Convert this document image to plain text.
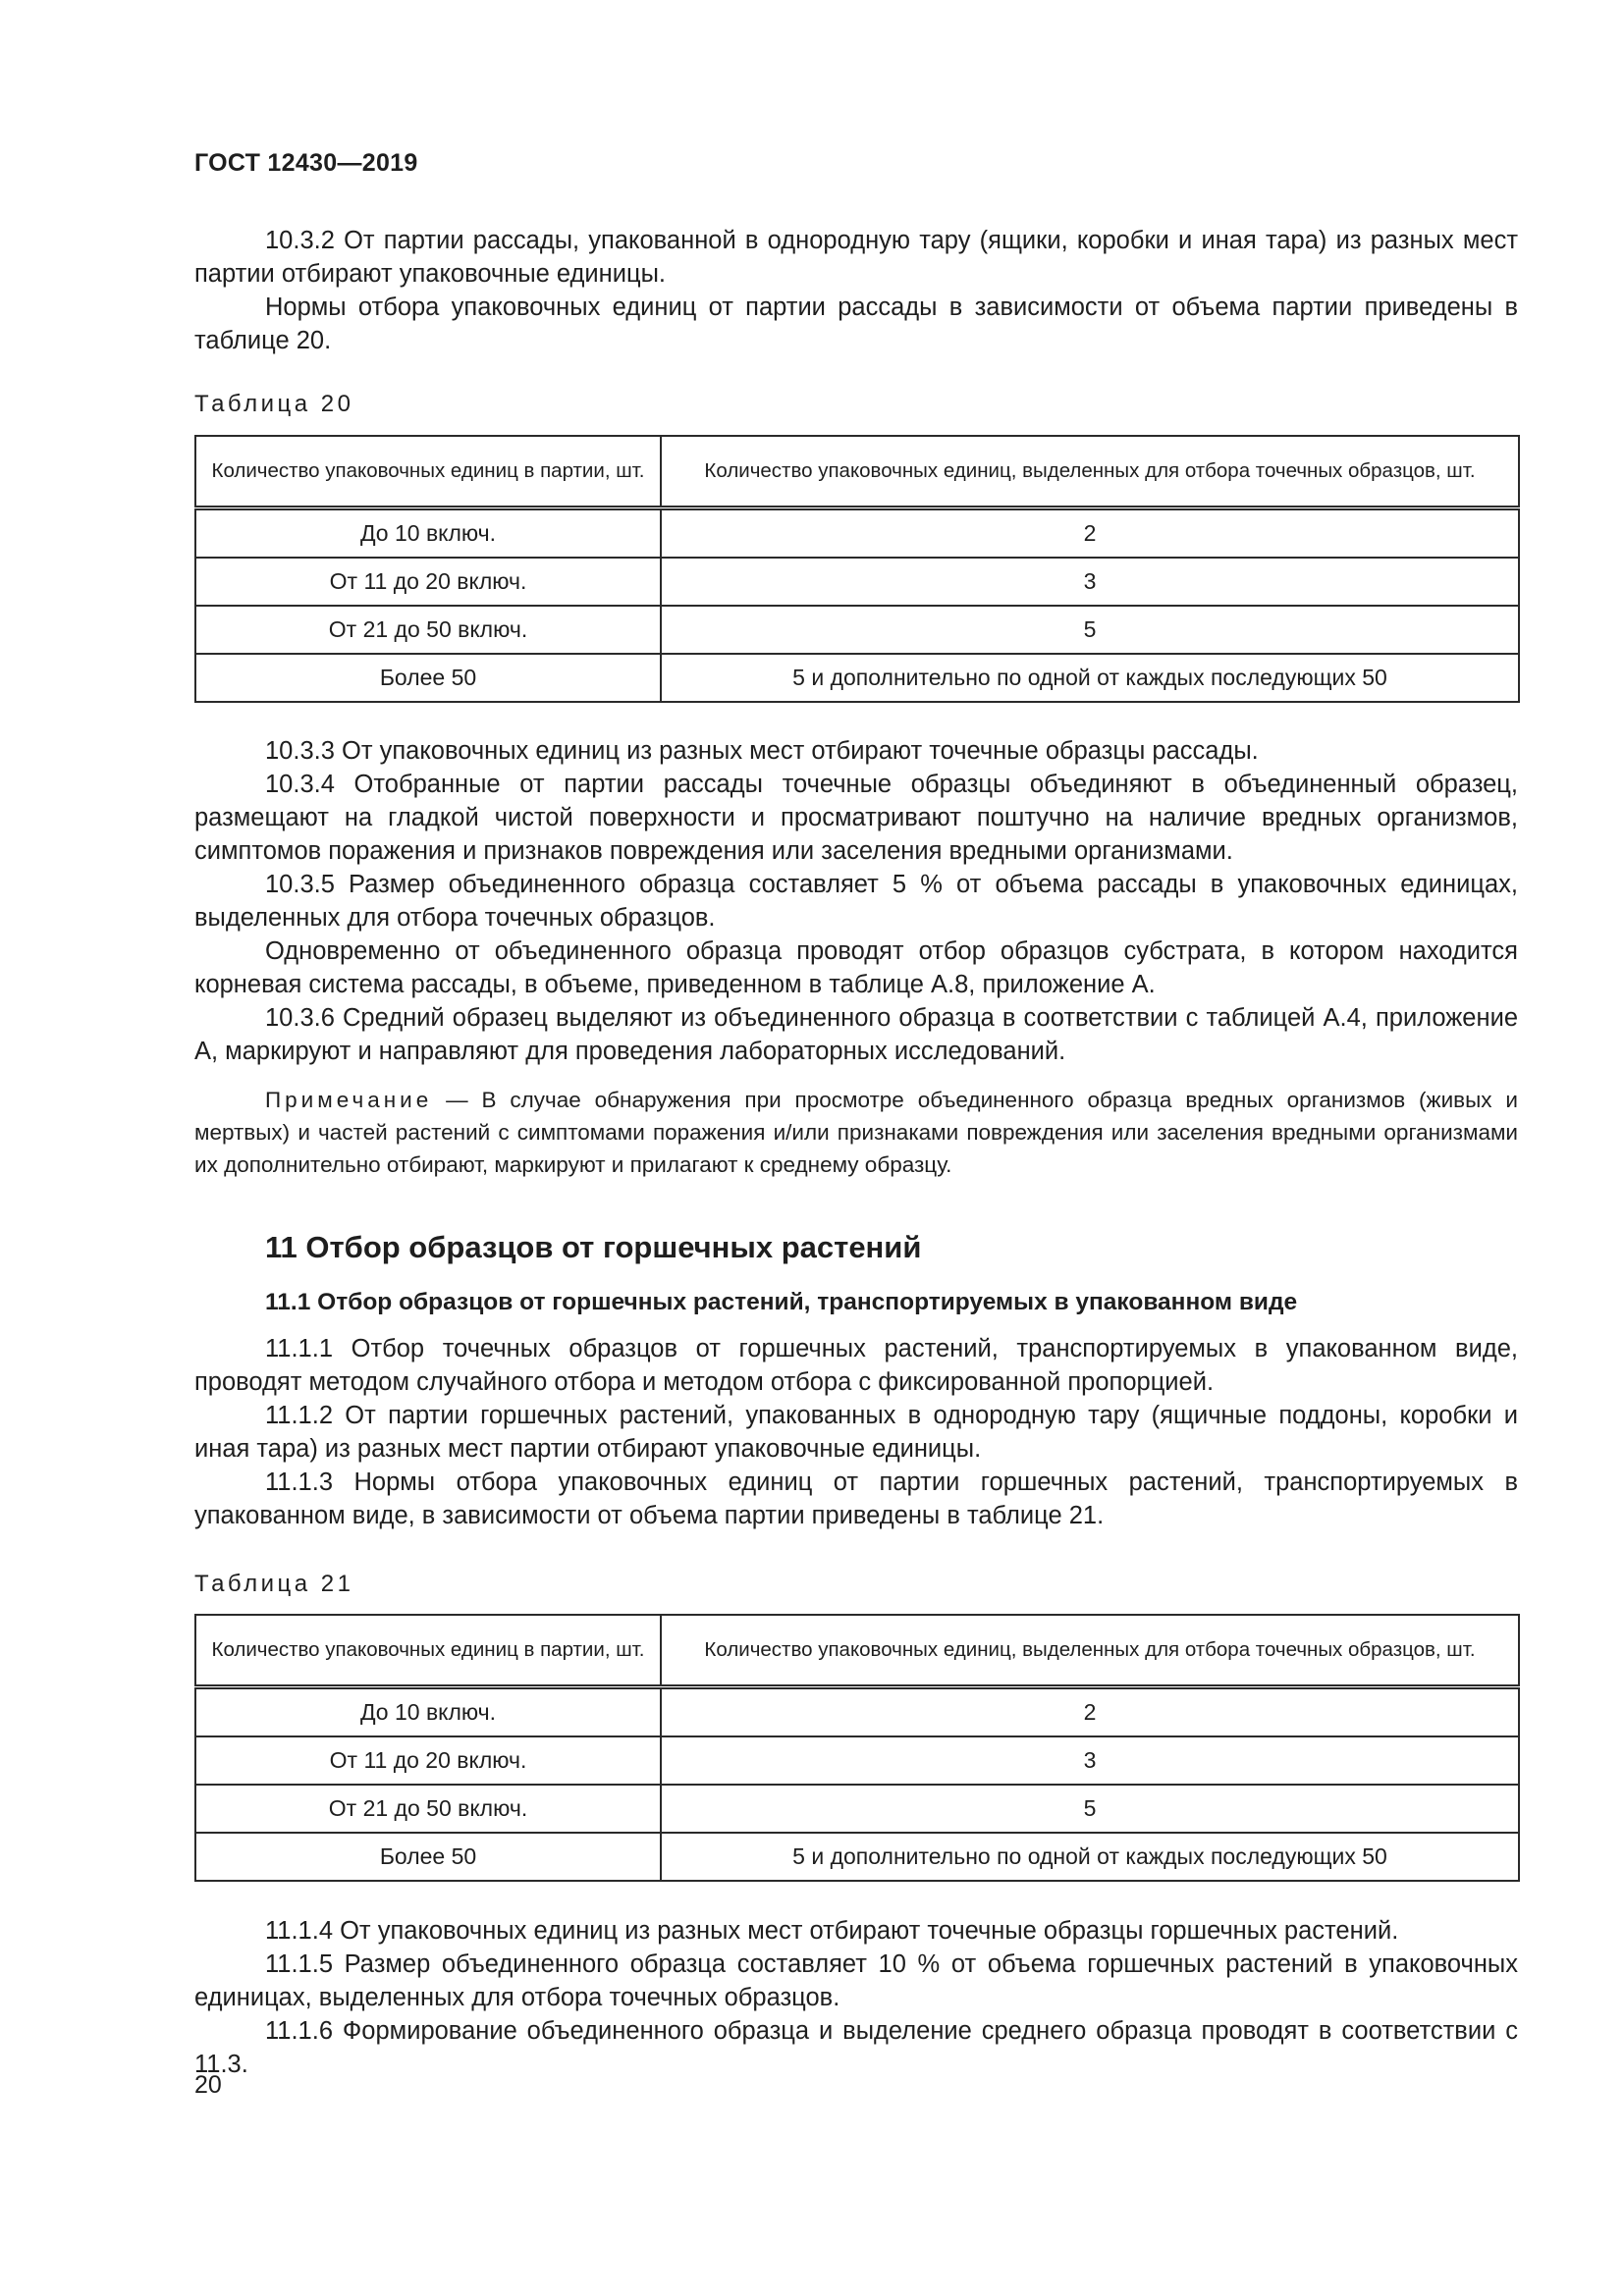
ГОСТ 12430—2019

10.3.2 От партии рассады, упакованной в однородную тару (ящики, коробки и иная тара) из разных мест партии отбирают упаковочные единицы.

Нормы отбора упаковочных единиц от партии рассады в зависимости от объема партии приведены в таблице 20.

Таблица 20

Количество упаковочных единиц в партии, шт.	Количество упаковочных единиц, выделенных для отбора точечных образцов, шт.
До 10 включ.	2
От 11 до 20 включ.	3
От 21 до 50 включ.	5
Более 50	5 и дополнительно по одной от каждых последующих 50

10.3.3 От упаковочных единиц из разных мест отбирают точечные образцы рассады.

10.3.4 Отобранные от партии рассады точечные образцы объединяют в объединенный образец, размещают на гладкой чистой поверхности и просматривают поштучно на наличие вредных организмов, симптомов поражения и признаков повреждения или заселения вредными организмами.

10.3.5 Размер объединенного образца составляет 5 % от объема рассады в упаковочных единицах, выделенных для отбора точечных образцов.

Одновременно от объединенного образца проводят отбор образцов субстрата, в котором находится корневая система рассады, в объеме, приведенном в таблице А.8, приложение А.

10.3.6 Средний образец выделяют из объединенного образца в соответствии с таблицей А.4, приложение А, маркируют и направляют для проведения лабораторных исследований.

Примечание — В случае обнаружения при просмотре объединенного образца вредных организмов (живых и мертвых) и частей растений с симптомами поражения и/или признаками повреждения или заселения вредными организмами их дополнительно отбирают, маркируют и прилагают к среднему образцу.

11 Отбор образцов от горшечных растений
11.1 Отбор образцов от горшечных растений, транспортируемых в упакованном виде

11.1.1 Отбор точечных образцов от горшечных растений, транспортируемых в упакованном виде, проводят методом случайного отбора и методом отбора с фиксированной пропорцией.

11.1.2 От партии горшечных растений, упакованных в однородную тару (ящичные поддоны, коробки и иная тара) из разных мест партии отбирают упаковочные единицы.

11.1.3 Нормы отбора упаковочных единиц от партии горшечных растений, транспортируемых в упакованном виде, в зависимости от объема партии приведены в таблице 21.

Таблица 21

Количество упаковочных единиц в партии, шт.	Количество упаковочных единиц, выделенных для отбора точечных образцов, шт.
До 10 включ.	2
От 11 до 20 включ.	3
От 21 до 50 включ.	5
Более 50	5 и дополнительно по одной от каждых последующих 50

11.1.4 От упаковочных единиц из разных мест отбирают точечные образцы горшечных растений.

11.1.5 Размер объединенного образца составляет 10 % от объема горшечных растений в упаковочных единицах, выделенных для отбора точечных образцов.

11.1.6 Формирование объединенного образца и выделение среднего образца проводят в соответствии с 11.3.

20
